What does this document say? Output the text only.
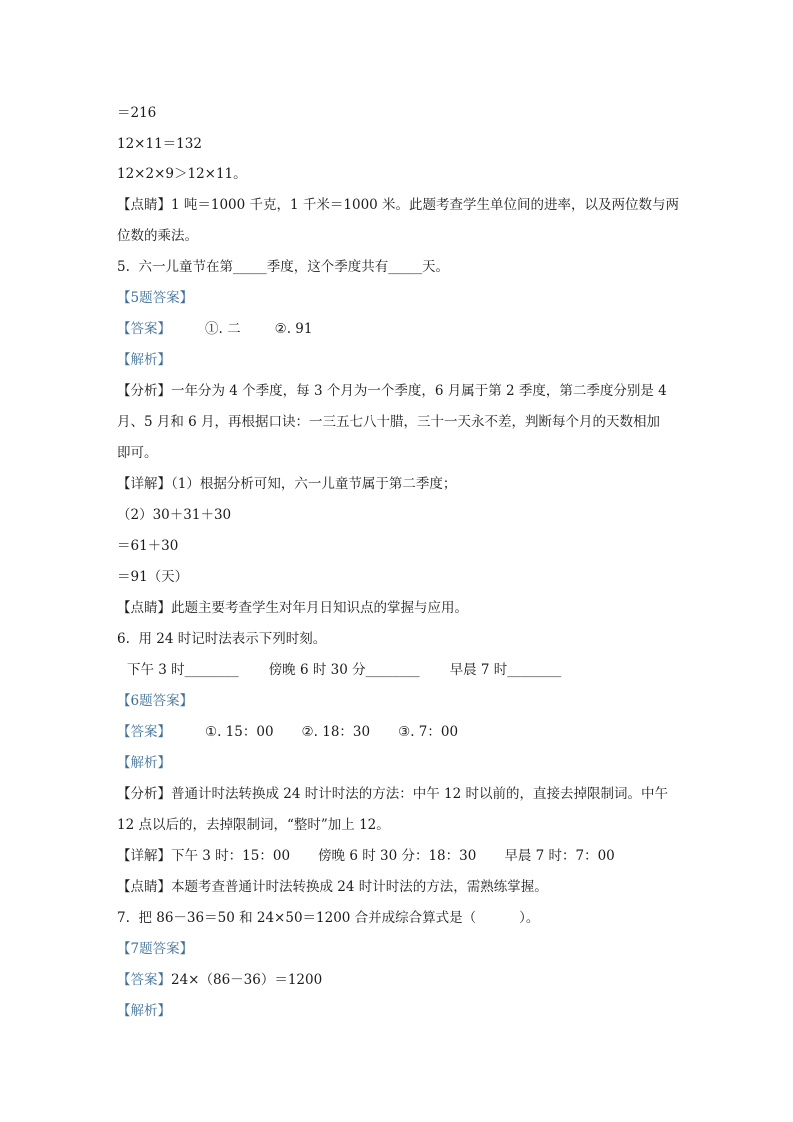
＝216
12×11＝132
12×2×9＞12×11。
【点睛】1 吨＝1000 千克，1 千米＝1000 米。此题考查学生单位间的进率，以及两位数与两
位数的乘法。
5.  六一儿童节在第_____季度，这个季度共有_____天。
【5题答案】
【答案】	①. 二	②. 91
【解析】
【分析】一年分为 4 个季度，每 3 个月为一个季度，6 月属于第 2 季度，第二季度分别是 4
月、5 月和 6 月，再根据口诀：一三五七八十腊，三十一天永不差，判断每个月的天数相加
即可。
【详解】（1）根据分析可知，六一儿童节属于第二季度；
（2）30＋31＋30
＝61＋30
＝91（天）
【点睛】此题主要考查学生对年月日知识点的掌握与应用。
6.  用 24 时记时法表示下列时刻。
下午 3 时________ 傍晚 6 时 30 分________ 早晨 7 时________
【6题答案】
【答案】	①. 15：00 ②. 18：30 ③. 7：00
【解析】
【分析】普通计时法转换成 24 时计时法的方法：中午 12 时以前的，直接去掉限制词。中午
12 点以后的，去掉限制词，“整时”加上 12。
【详解】下午 3 时：15：00 傍晚 6 时 30 分：18：30 早晨 7 时：7：00
【点睛】本题考查普通计时法转换成 24 时计时法的方法，需熟练掌握。
7.  把 86－36＝50 和 24×50＝1200 合并成综合算式是（          ）。
【7题答案】
【答案】24×（86－36）＝1200
【解析】
